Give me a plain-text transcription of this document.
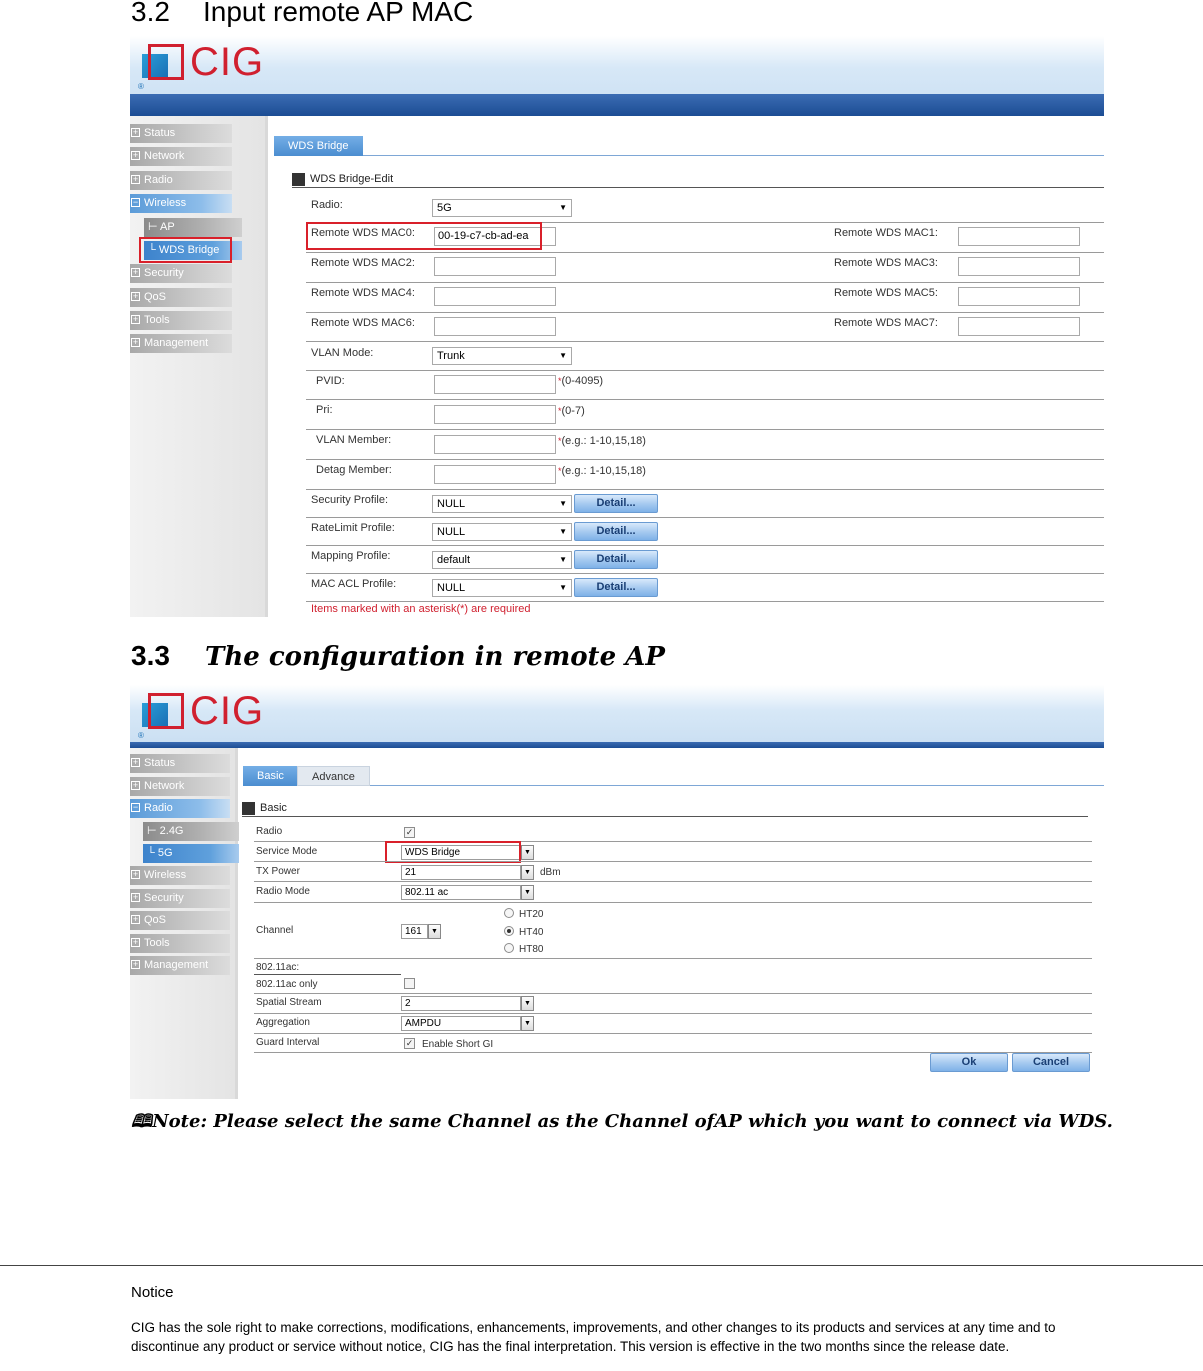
3.2 Input remote AP MAC
CIG
®
+ Status
+ Network
+ Radio
− Wireless
⊢ AP
└ WDS Bridge
+ Security
+ QoS
+ Tools
+ Management
WDS Bridge
WDS Bridge-Edit
Radio:	5G	▼
Remote WDS MAC0:	00-19-c7-cb-ad-ea	Remote WDS MAC1:
Remote WDS MAC2:	Remote WDS MAC3:
Remote WDS MAC4:	Remote WDS MAC5:
Remote WDS MAC6:	Remote WDS MAC7:
VLAN Mode:	Trunk	▼
PVID:	*(0-4095)
Pri:	*(0-7)
VLAN Member:	*(e.g.: 1-10,15,18)
Detag Member:	*(e.g.: 1-10,15,18)
Security Profile:	NULL	▼	Detail...
RateLimit Profile:	NULL	▼	Detail...
Mapping Profile:	default	▼	Detail...
MAC ACL Profile:	NULL	▼	Detail...
Items marked with an asterisk(*) are required
3.3 The configuration in remote AP
CIG
®
+ Status
+ Network
− Radio
⊢ 2.4G
└ 5G
+ Wireless
+ Security
+ QoS
+ Tools
+ Management
Basic	Advance
Basic
Radio	✓
Service Mode	WDS Bridge	▼
TX Power	21	▼ dBm
Radio Mode	802.11 ac	▼
Channel	161	▼
HT20
HT40
HT80
802.11ac:
802.11ac only
Spatial Stream	2	▼
Aggregation	AMPDU	▼
Guard Interval	✓ Enable Short GI
Ok	Cancel
🕮Note: Please select the same Channel as the Channel ofAP which you want to connect via WDS.
Notice
CIG has the sole right to make corrections, modifications, enhancements, improvements, and other changes to its products and services at any time and to discontinue any product or service without notice, CIG has the final interpretation. This version is effective in the two months since the release date.
